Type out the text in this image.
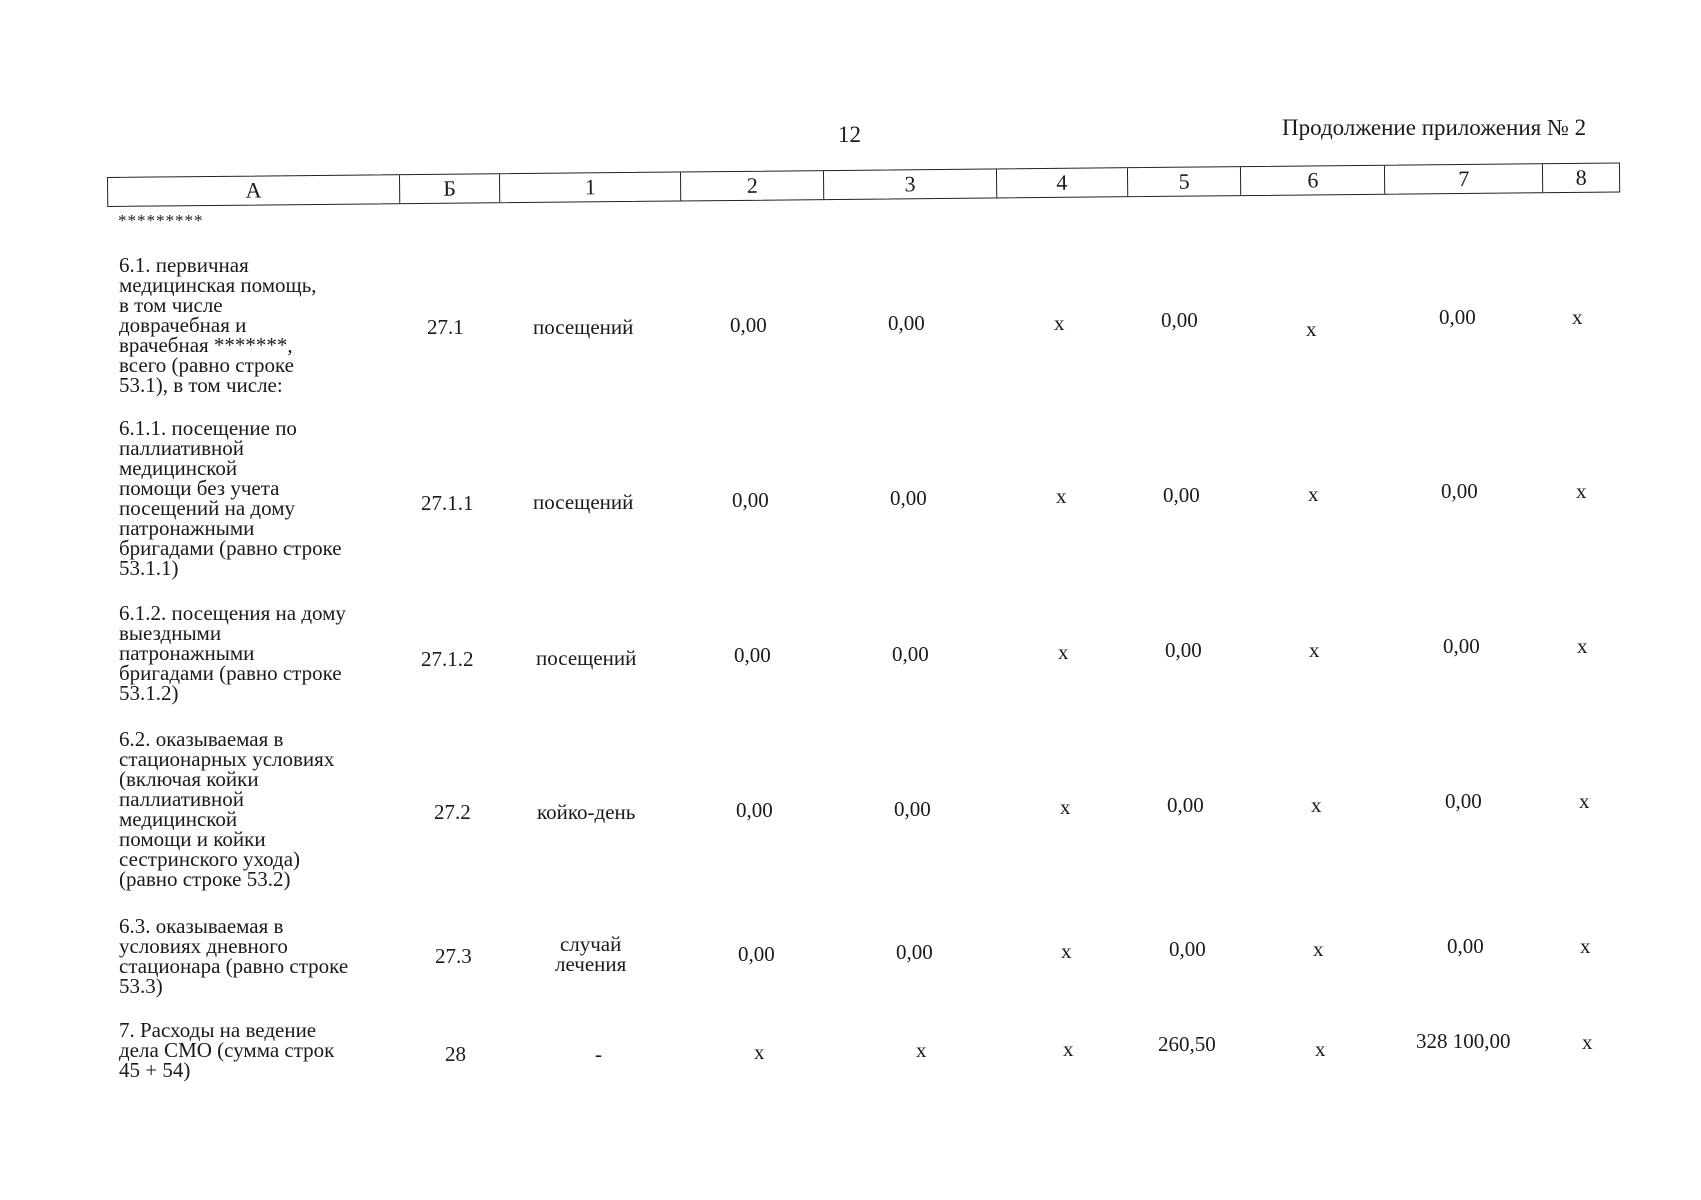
12	Продолжение приложения № 2
А	Б	1	2	3	4	5	6	7	8
*********
6.1. первичная
медицинская помощь,
в том числе
доврачебная и
врачебная *******,
всего (равно строке
53.1), в том числе:
27.1	посещений	0,00	0,00	х	0,00	х	0,00	х
6.1.1. посещение по
паллиативной
медицинской
помощи без учета
посещений на дому
патронажными
бригадами (равно строке
53.1.1)
27.1.1	посещений	0,00	0,00	х	0,00	х	0,00	х
6.1.2. посещения на дому
выездными
патронажными
бригадами (равно строке
53.1.2)
27.1.2	посещений	0,00	0,00	х	0,00	х	0,00	х
6.2. оказываемая в
стационарных условиях
(включая койки
паллиативной
медицинской
помощи и койки
сестринского ухода)
(равно строке 53.2)
27.2	койко-день	0,00	0,00	х	0,00	х	0,00	х
6.3. оказываемая в
условиях дневного
стационара (равно строке
53.3)
27.3	случай
лечения	0,00	0,00	х	0,00	х	0,00	х
7. Расходы на ведение
дела СМО (сумма строк
45 + 54)
28	-	х	х	х	260,50	х	328 100,00	х
